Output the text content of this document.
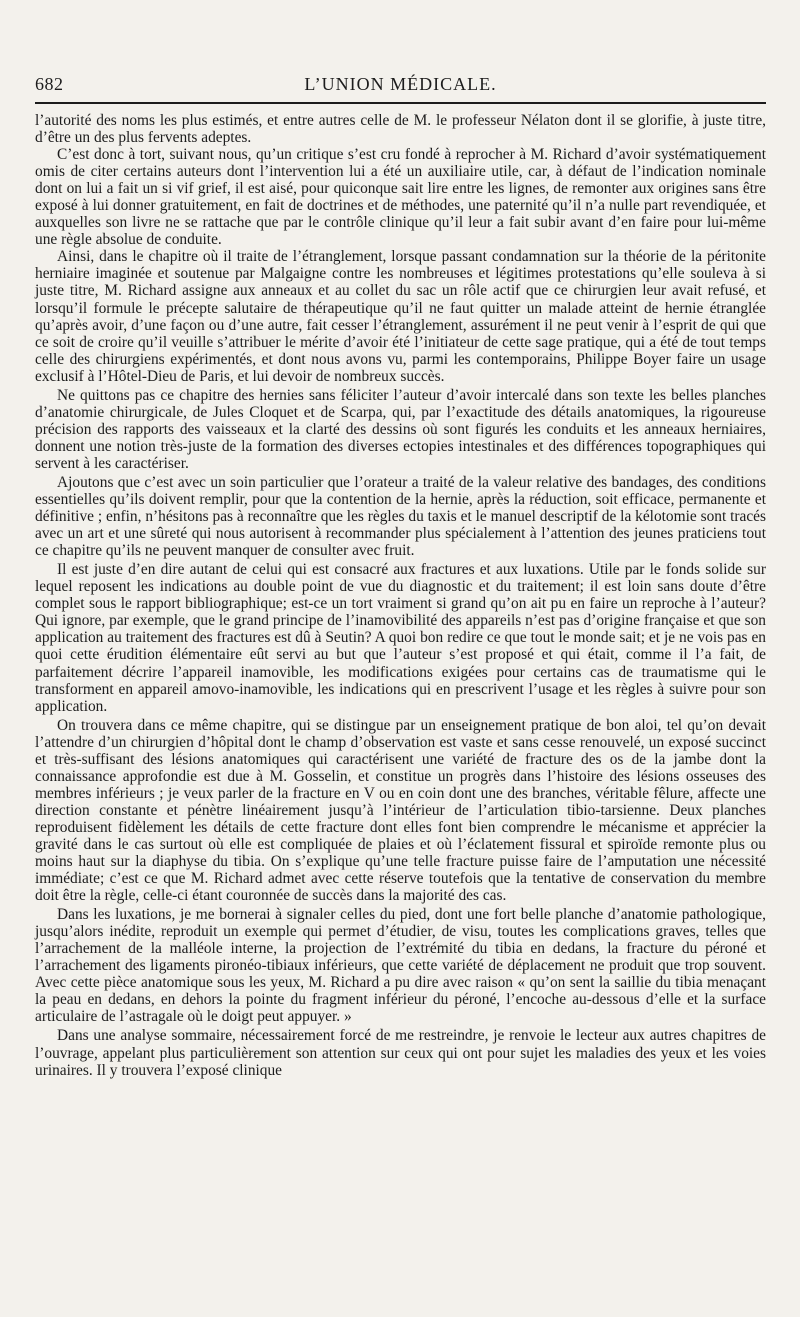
682	L’UNION MÉDICALE.

l’autorité des noms les plus estimés, et entre autres celle de M. le professeur Nélaton dont il se glorifie, à juste titre, d’être un des plus fervents adeptes.

C’est donc à tort, suivant nous, qu’un critique s’est cru fondé à reprocher à M. Richard d’avoir systématiquement omis de citer certains auteurs dont l’intervention lui a été un auxiliaire utile, car, à défaut de l’indication nominale dont on lui a fait un si vif grief, il est aisé, pour quiconque sait lire entre les lignes, de remonter aux origines sans être exposé à lui donner gratuitement, en fait de doctrines et de méthodes, une paternité qu’il n’a nulle part revendiquée, et auxquelles son livre ne se rattache que par le contrôle clinique qu’il leur a fait subir avant d’en faire pour lui-même une règle absolue de conduite.

Ainsi, dans le chapitre où il traite de l’étranglement, lorsque passant condamnation sur la théorie de la péritonite herniaire imaginée et soutenue par Malgaigne contre les nombreuses et légitimes protestations qu’elle souleva à si juste titre, M. Richard assigne aux anneaux et au collet du sac un rôle actif que ce chirurgien leur avait refusé, et lorsqu’il formule le précepte salutaire de thérapeutique qu’il ne faut quitter un malade atteint de hernie étranglée qu’après avoir, d’une façon ou d’une autre, fait cesser l’étranglement, assurément il ne peut venir à l’esprit de qui que ce soit de croire qu’il veuille s’attribuer le mérite d’avoir été l’initiateur de cette sage pratique, qui a été de tout temps celle des chirurgiens expérimentés, et dont nous avons vu, parmi les contemporains, Philippe Boyer faire un usage exclusif à l’Hôtel-Dieu de Paris, et lui devoir de nombreux succès.

Ne quittons pas ce chapitre des hernies sans féliciter l’auteur d’avoir intercalé dans son texte les belles planches d’anatomie chirurgicale, de Jules Cloquet et de Scarpa, qui, par l’exactitude des détails anatomiques, la rigoureuse précision des rapports des vaisseaux et la clarté des dessins où sont figurés les conduits et les anneaux herniaires, donnent une notion très-juste de la formation des diverses ectopies intestinales et des différences topographiques qui servent à les caractériser.

Ajoutons que c’est avec un soin particulier que l’orateur a traité de la valeur relative des bandages, des conditions essentielles qu’ils doivent remplir, pour que la contention de la hernie, après la réduction, soit efficace, permanente et définitive ; enfin, n’hésitons pas à reconnaître que les règles du taxis et le manuel descriptif de la kélotomie sont tracés avec un art et une sûreté qui nous autorisent à recommander plus spécialement à l’attention des jeunes praticiens tout ce chapitre qu’ils ne peuvent manquer de consulter avec fruit.

Il est juste d’en dire autant de celui qui est consacré aux fractures et aux luxations. Utile par le fonds solide sur lequel reposent les indications au double point de vue du diagnostic et du traitement; il est loin sans doute d’être complet sous le rapport bibliographique; est-ce un tort vraiment si grand qu’on ait pu en faire un reproche à l’auteur? Qui ignore, par exemple, que le grand principe de l’inamovibilité des appareils n’est pas d’origine française et que son application au traitement des fractures est dû à Seutin? A quoi bon redire ce que tout le monde sait; et je ne vois pas en quoi cette érudition élémentaire eût servi au but que l’auteur s’est proposé et qui était, comme il l’a fait, de parfaitement décrire l’appareil inamovible, les modifications exigées pour certains cas de traumatisme qui le transforment en appareil amovo-inamovible, les indications qui en prescrivent l’usage et les règles à suivre pour son application.

On trouvera dans ce même chapitre, qui se distingue par un enseignement pratique de bon aloi, tel qu’on devait l’attendre d’un chirurgien d’hôpital dont le champ d’observation est vaste et sans cesse renouvelé, un exposé succinct et très-suffisant des lésions anatomiques qui caractérisent une variété de fracture des os de la jambe dont la connaissance approfondie est due à M. Gosselin, et constitue un progrès dans l’histoire des lésions osseuses des membres inférieurs ; je veux parler de la fracture en V ou en coin dont une des branches, véritable fêlure, affecte une direction constante et pénètre linéairement jusqu’à l’intérieur de l’articulation tibio-tarsienne. Deux planches reproduisent fidèlement les détails de cette fracture dont elles font bien comprendre le mécanisme et apprécier la gravité dans le cas surtout où elle est compliquée de plaies et où l’éclatement fissural et spiroïde remonte plus ou moins haut sur la diaphyse du tibia. On s’explique qu’une telle fracture puisse faire de l’amputation une nécessité immédiate; c’est ce que M. Richard admet avec cette réserve toutefois que la tentative de conservation du membre doit être la règle, celle-ci étant couronnée de succès dans la majorité des cas.

Dans les luxations, je me bornerai à signaler celles du pied, dont une fort belle planche d’anatomie pathologique, jusqu’alors inédite, reproduit un exemple qui permet d’étudier, de visu, toutes les complications graves, telles que l’arrachement de la malléole interne, la projection de l’extrémité du tibia en dedans, la fracture du péroné et l’arrachement des ligaments pironéo-tibiaux inférieurs, que cette variété de déplacement ne produit que trop souvent. Avec cette pièce anatomique sous les yeux, M. Richard a pu dire avec raison « qu’on sent la saillie du tibia menaçant la peau en dedans, en dehors la pointe du fragment inférieur du péroné, l’encoche au-dessous d’elle et la surface articulaire de l’astragale où le doigt peut appuyer. »

Dans une analyse sommaire, nécessairement forcé de me restreindre, je renvoie le lecteur aux autres chapitres de l’ouvrage, appelant plus particulièrement son attention sur ceux qui ont pour sujet les maladies des yeux et les voies urinaires. Il y trouvera l’exposé clinique
